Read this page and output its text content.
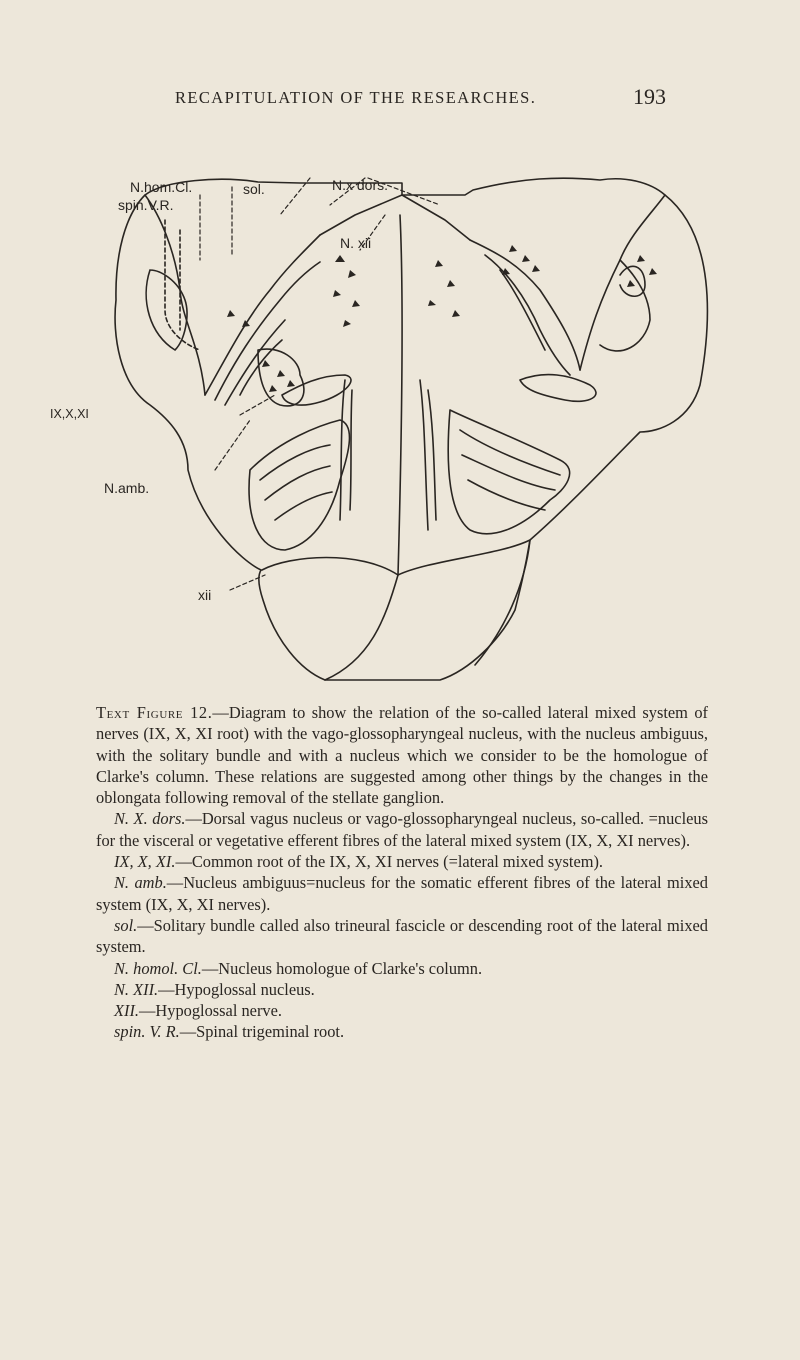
RECAPITULATION OF THE RESEARCHES.	193
N.hom.Cl.
spin.V.R.
sol.	N.x dors.
N. xii
IX,X,XI
N.amb.
xii

Text Figure 12.—Diagram to show the relation of the so-called lateral mixed system of nerves (IX, X, XI root) with the vago-glossopharyngeal nucleus, with the nucleus ambiguus, with the solitary bundle and with a nucleus which we consider to be the homologue of Clarke's column. These relations are suggested among other things by the changes in the oblongata following removal of the stellate ganglion.

N. X. dors.—Dorsal vagus nucleus or vago-glossopharyngeal nucleus, so-called. =nucleus for the visceral or vegetative efferent fibres of the lateral mixed system (IX, X, XI nerves).

IX, X, XI.—Common root of the IX, X, XI nerves (=lateral mixed system).

N. amb.—Nucleus ambiguus=nucleus for the somatic efferent fibres of the lateral mixed system (IX, X, XI nerves).

sol.—Solitary bundle called also trineural fascicle or descending root of the lateral mixed system.

N. homol. Cl.—Nucleus homologue of Clarke's column.

N. XII.—Hypoglossal nucleus.

XII.—Hypoglossal nerve.

spin. V. R.—Spinal trigeminal root.
